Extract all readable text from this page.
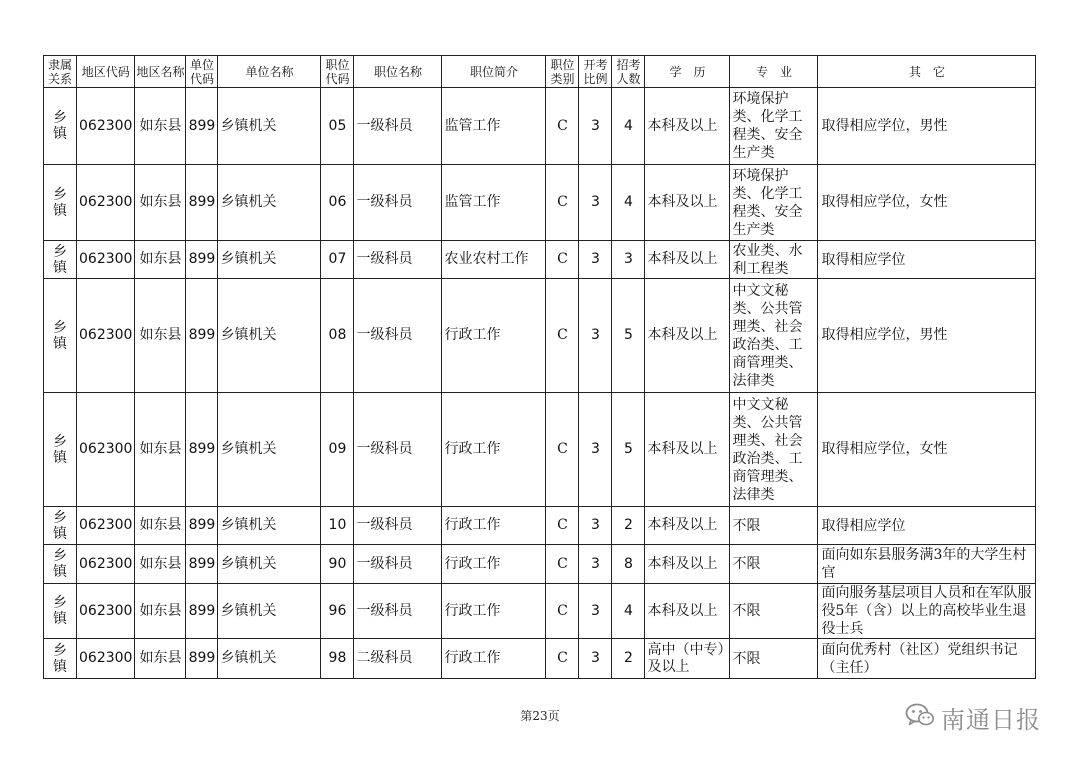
隶属关系	地区代码	地区名称	单位代码	单位名称	职位代码	职位名称	职位简介	职位类别	开考比例	招考人数	学　历	专　业	其　它
乡镇	062300	如东县	899	乡镇机关	05	一级科员	监管工作	C	3	4	本科及以上	环境保护类、化学工程类、安全生产类	取得相应学位，男性
乡镇	062300	如东县	899	乡镇机关	06	一级科员	监管工作	C	3	4	本科及以上	环境保护类、化学工程类、安全生产类	取得相应学位，女性
乡镇	062300	如东县	899	乡镇机关	07	一级科员	农业农村工作	C	3	3	本科及以上	农业类、水利工程类	取得相应学位
乡镇	062300	如东县	899	乡镇机关	08	一级科员	行政工作	C	3	5	本科及以上	中文文秘类、公共管理类、社会政治类、工商管理类、法律类	取得相应学位，男性
乡镇	062300	如东县	899	乡镇机关	09	一级科员	行政工作	C	3	5	本科及以上	中文文秘类、公共管理类、社会政治类、工商管理类、法律类	取得相应学位，女性
乡镇	062300	如东县	899	乡镇机关	10	一级科员	行政工作	C	3	2	本科及以上	不限	取得相应学位
乡镇	062300	如东县	899	乡镇机关	90	一级科员	行政工作	C	3	8	本科及以上	不限	面向如东县服务满3年的大学生村官
乡镇	062300	如东县	899	乡镇机关	96	一级科员	行政工作	C	3	4	本科及以上	不限	面向服务基层项目人员和在军队服役5年（含）以上的高校毕业生退役士兵
乡镇	062300	如东县	899	乡镇机关	98	二级科员	行政工作	C	3	2	高中（中专）及以上	不限	面向优秀村（社区）党组织书记（主任）
第23页	南通日报
